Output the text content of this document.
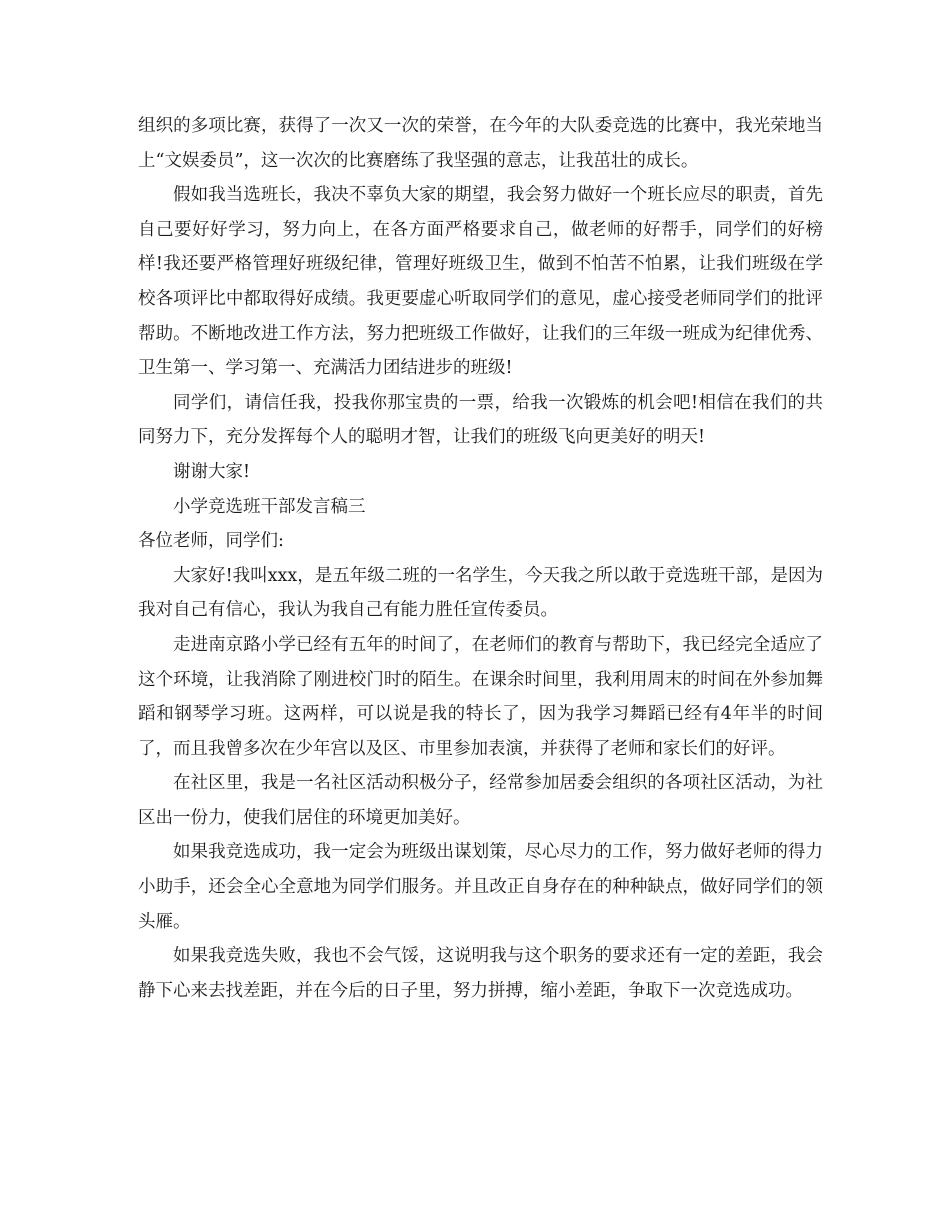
组织的多项比赛，获得了一次又一次的荣誉，在今年的大队委竞选的比赛中，我光荣地当上“文娱委员”，这一次次的比赛磨练了我坚强的意志，让我茁壮的成长。

假如我当选班长，我决不辜负大家的期望，我会努力做好一个班长应尽的职责，首先自己要好好学习，努力向上，在各方面严格要求自己，做老师的好帮手，同学们的好榜样!我还要严格管理好班级纪律，管理好班级卫生，做到不怕苦不怕累，让我们班级在学校各项评比中都取得好成绩。我更要虚心听取同学们的意见，虚心接受老师同学们的批评帮助。不断地改进工作方法，努力把班级工作做好，让我们的三年级一班成为纪律优秀、卫生第一、学习第一、充满活力团结进步的班级!

同学们，请信任我，投我你那宝贵的一票，给我一次锻炼的机会吧!相信在我们的共同努力下，充分发挥每个人的聪明才智，让我们的班级飞向更美好的明天!

谢谢大家!

小学竞选班干部发言稿三

各位老师，同学们:

大家好!我叫xxx，是五年级二班的一名学生，今天我之所以敢于竞选班干部，是因为我对自己有信心，我认为我自己有能力胜任宣传委员。

走进南京路小学已经有五年的时间了，在老师们的教育与帮助下，我已经完全适应了这个环境，让我消除了刚进校门时的陌生。在课余时间里，我利用周末的时间在外参加舞蹈和钢琴学习班。这两样，可以说是我的特长了，因为我学习舞蹈已经有4年半的时间了，而且我曾多次在少年宫以及区、市里参加表演，并获得了老师和家长们的好评。

在社区里，我是一名社区活动积极分子，经常参加居委会组织的各项社区活动，为社区出一份力，使我们居住的环境更加美好。

如果我竞选成功，我一定会为班级出谋划策，尽心尽力的工作，努力做好老师的得力小助手，还会全心全意地为同学们服务。并且改正自身存在的种种缺点，做好同学们的领头雁。

如果我竞选失败，我也不会气馁，这说明我与这个职务的要求还有一定的差距，我会静下心来去找差距，并在今后的日子里，努力拼搏，缩小差距，争取下一次竞选成功。
